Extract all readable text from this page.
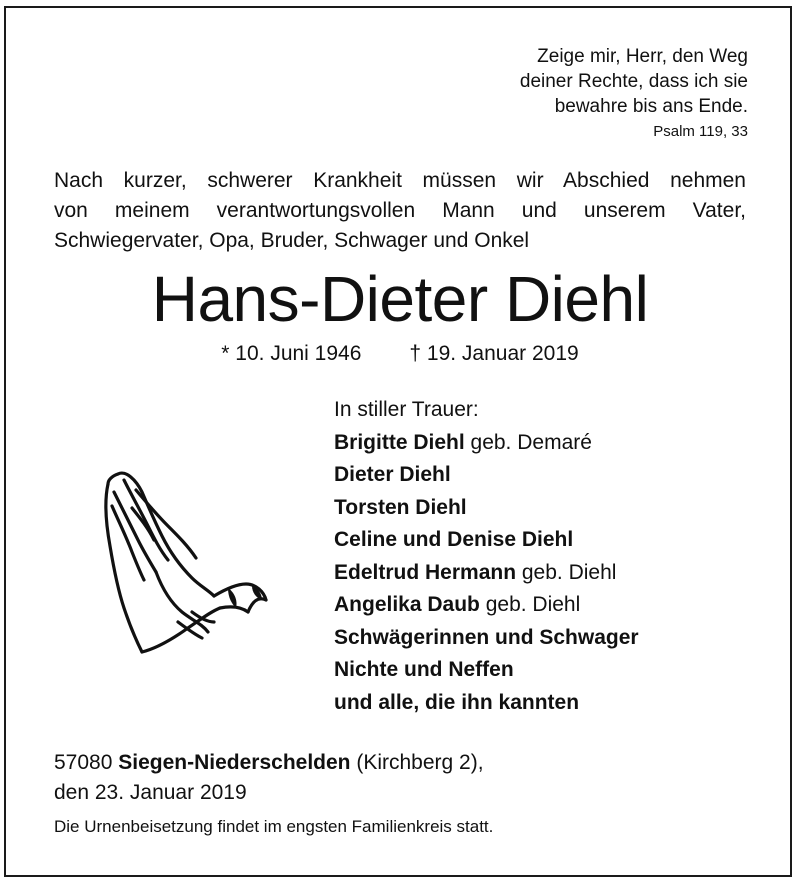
Zeige mir, Herr, den Weg
deiner Rechte, dass ich sie
bewahre bis ans Ende.
Psalm 119, 33
Nach kurzer, schwerer Krankheit müssen wir Abschied nehmen
von meinem verantwortungsvollen Mann und unserem Vater,
Schwiegervater, Opa, Bruder, Schwager und Onkel
Hans-Dieter Diehl
* 10. Juni 1946 † 19. Januar 2019
In stiller Trauer:
Brigitte Diehl geb. Demaré
Dieter Diehl
Torsten Diehl
Celine und Denise Diehl
Edeltrud Hermann geb. Diehl
Angelika Daub geb. Diehl
Schwägerinnen und Schwager
Nichte und Neffen
und alle, die ihn kannten
57080 Siegen-Niederschelden (Kirchberg 2),
den 23. Januar 2019
Die Urnenbeisetzung findet im engsten Familienkreis statt.
